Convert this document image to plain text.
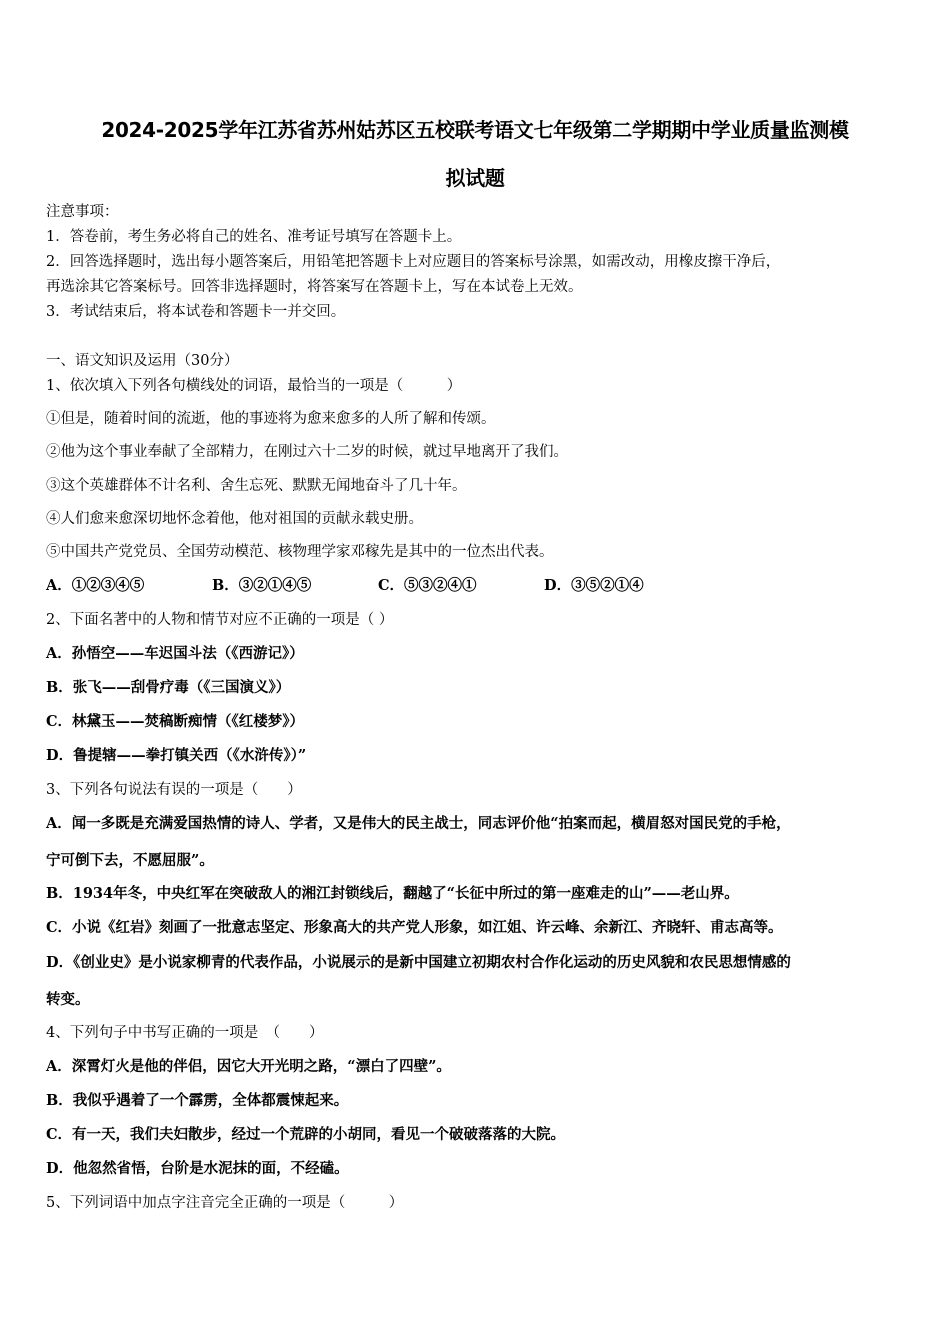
2024-2025学年江苏省苏州姑苏区五校联考语文七年级第二学期期中学业质量监测模
拟试题
注意事项：
1．答卷前，考生务必将自己的姓名、准考证号填写在答题卡上。
2．回答选择题时，选出每小题答案后，用铅笔把答题卡上对应题目的答案标号涂黑，如需改动，用橡皮擦干净后，
再选涂其它答案标号。回答非选择题时，将答案写在答题卡上，写在本试卷上无效。
3．考试结束后，将本试卷和答题卡一并交回。
一、语文知识及运用（30分）
1、依次填入下列各句横线处的词语，最恰当的一项是（　　　）
①但是，随着时间的流逝，他的事迹将为愈来愈多的人所了解和传颂。
②他为这个事业奉献了全部精力，在刚过六十二岁的时候，就过早地离开了我们。
③这个英雄群体不计名利、舍生忘死、默默无闻地奋斗了几十年。
④人们愈来愈深切地怀念着他，他对祖国的贡献永载史册。
⑤中国共产党党员、全国劳动模范、核物理学家邓稼先是其中的一位杰出代表。
A．①②③④⑤	B．③②①④⑤	C．⑤③②④①	D．③⑤②①④
2、下面名著中的人物和情节对应不正确的一项是（ ）
A．孙悟空——车迟国斗法（《西游记》）
B．张飞——刮骨疗毒（《三国演义》）
C．林黛玉——焚稿断痴情（《红楼梦》）
D．鲁提辖——拳打镇关西（《水浒传》）”
3、下列各句说法有误的一项是（　　）
A．闻一多既是充满爱国热情的诗人、学者，又是伟大的民主战士，同志评价他“拍案而起，横眉怒对国民党的手枪，
宁可倒下去，不愿屈服”。
B．1934年冬，中央红军在突破敌人的湘江封锁线后，翻越了“长征中所过的第一座难走的山”——老山界。
C．小说《红岩》刻画了一批意志坚定、形象高大的共产党人形象，如江姐、许云峰、余新江、齐晓轩、甫志高等。
D．《创业史》是小说家柳青的代表作品，小说展示的是新中国建立初期农村合作化运动的历史风貌和农民思想情感的
转变。
4、下列句子中书写正确的一项是　（　　）
A．深霄灯火是他的伴侣，因它大开光明之路，“漂白了四壁”。
B．我似乎遇着了一个霹雳，全体都震悚起来。
C．有一天，我们夫妇散步，经过一个荒辟的小胡同，看见一个破破落落的大院。
D．他忽然省悟，台阶是水泥抹的面，不经磕。
5、下列词语中加点字注音完全正确的一项是（　　　）
